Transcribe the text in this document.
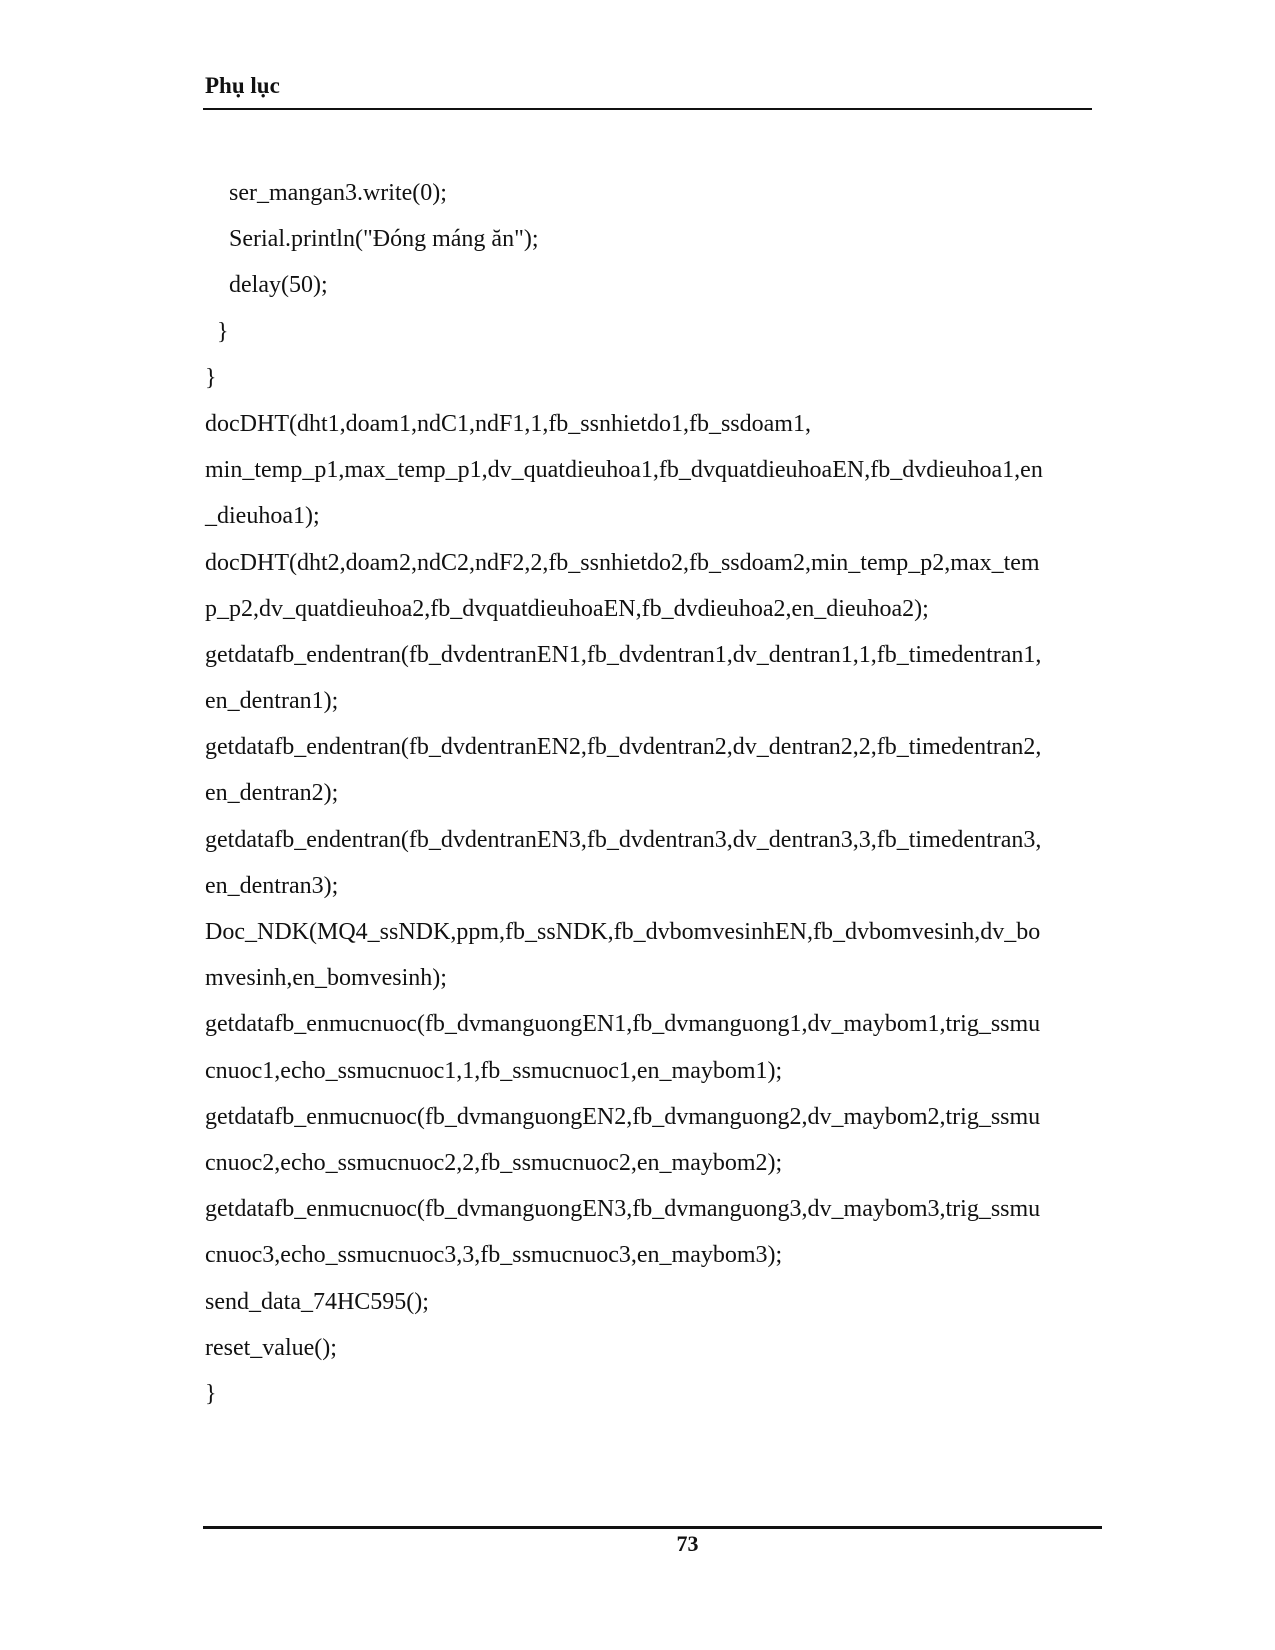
Phụ lục
ser_mangan3.write(0);
Serial.println("Đóng máng ăn");
delay(50);
}
}
docDHT(dht1,doam1,ndC1,ndF1,1,fb_ssnhietdo1,fb_ssdoam1,
min_temp_p1,max_temp_p1,dv_quatdieuhoa1,fb_dvquatdieuhoaEN,fb_dvdieuhoa1,en
_dieuhoa1);
docDHT(dht2,doam2,ndC2,ndF2,2,fb_ssnhietdo2,fb_ssdoam2,min_temp_p2,max_tem
p_p2,dv_quatdieuhoa2,fb_dvquatdieuhoaEN,fb_dvdieuhoa2,en_dieuhoa2);
getdatafb_endentran(fb_dvdentranEN1,fb_dvdentran1,dv_dentran1,1,fb_timedentran1,
en_dentran1);
getdatafb_endentran(fb_dvdentranEN2,fb_dvdentran2,dv_dentran2,2,fb_timedentran2,
en_dentran2);
getdatafb_endentran(fb_dvdentranEN3,fb_dvdentran3,dv_dentran3,3,fb_timedentran3,
en_dentran3);
Doc_NDK(MQ4_ssNDK,ppm,fb_ssNDK,fb_dvbomvesinhEN,fb_dvbomvesinh,dv_bo
mvesinh,en_bomvesinh);
getdatafb_enmucnuoc(fb_dvmanguongEN1,fb_dvmanguong1,dv_maybom1,trig_ssmu
cnuoc1,echo_ssmucnuoc1,1,fb_ssmucnuoc1,en_maybom1);
getdatafb_enmucnuoc(fb_dvmanguongEN2,fb_dvmanguong2,dv_maybom2,trig_ssmu
cnuoc2,echo_ssmucnuoc2,2,fb_ssmucnuoc2,en_maybom2);
getdatafb_enmucnuoc(fb_dvmanguongEN3,fb_dvmanguong3,dv_maybom3,trig_ssmu
cnuoc3,echo_ssmucnuoc3,3,fb_ssmucnuoc3,en_maybom3);
send_data_74HC595();
reset_value();
}
73
